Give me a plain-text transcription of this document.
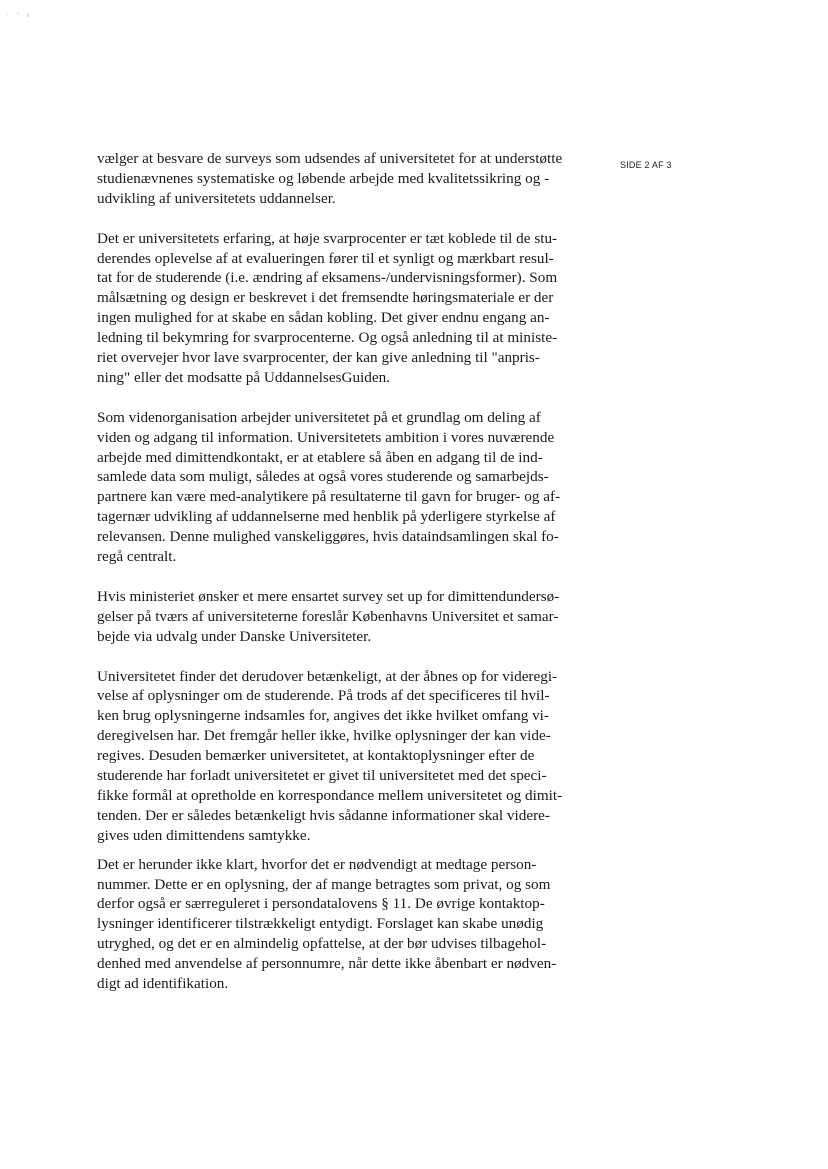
· ᵛ ɪ
SIDE 2 AF 3

vælger at besvare de surveys som udsendes af universitetet for at understøtte
studienævnenes systematiske og løbende arbejde med kvalitetssikring og -
udvikling af universitetets uddannelser.

Det er universitetets erfaring, at høje svarprocenter er tæt koblede til de stu-
derendes oplevelse af at evalueringen fører til et synligt og mærkbart resul-
tat for de studerende (i.e. ændring af eksamens-/undervisningsformer). Som
målsætning og design er beskrevet i det fremsendte høringsmateriale er der
ingen mulighed for at skabe en sådan kobling. Det giver endnu engang an-
ledning til bekymring for svarprocenterne. Og også anledning til at ministe-
riet overvejer hvor lave svarprocenter, der kan give anledning til "anpris-
ning" eller det modsatte på UddannelsesGuiden.

Som videnorganisation arbejder universitetet på et grundlag om deling af
viden og adgang til information. Universitetets ambition i vores nuværende
arbejde med dimittendkontakt, er at etablere så åben en adgang til de ind-
samlede data som muligt, således at også vores studerende og samarbejds-
partnere kan være med-analytikere på resultaterne til gavn for bruger- og af-
tagernær udvikling af uddannelserne med henblik på yderligere styrkelse af
relevansen. Denne mulighed vanskeliggøres, hvis dataindsamlingen skal fo-
regå centralt.

Hvis ministeriet ønsker et mere ensartet survey set up for dimittendundersø-
gelser på tværs af universiteterne foreslår Københavns Universitet et samar-
bejde via udvalg under Danske Universiteter.

Universitetet finder det derudover betænkeligt, at der åbnes op for videregi-
velse af oplysninger om de studerende. På trods af det specificeres til hvil-
ken brug oplysningerne indsamles for, angives det ikke hvilket omfang vi-
deregivelsen har. Det fremgår heller ikke, hvilke oplysninger der kan vide-
regives. Desuden bemærker universitetet, at kontaktoplysninger efter de
studerende har forladt universitetet er givet til universitetet med det speci-
fikke formål at opretholde en korrespondance mellem universitetet og dimit-
tenden. Der er således betænkeligt hvis sådanne informationer skal videre-
gives uden dimittendens samtykke.

Det er herunder ikke klart, hvorfor det er nødvendigt at medtage person-
nummer. Dette er en oplysning, der af mange betragtes som privat, og som
derfor også er særreguleret i persondatalovens § 11. De øvrige kontaktop-
lysninger identificerer tilstrækkeligt entydigt. Forslaget kan skabe unødig
utryghed, og det er en almindelig opfattelse, at der bør udvises tilbagehol-
denhed med anvendelse af personnumre, når dette ikke åbenbart er nødven-
digt ad identifikation.
